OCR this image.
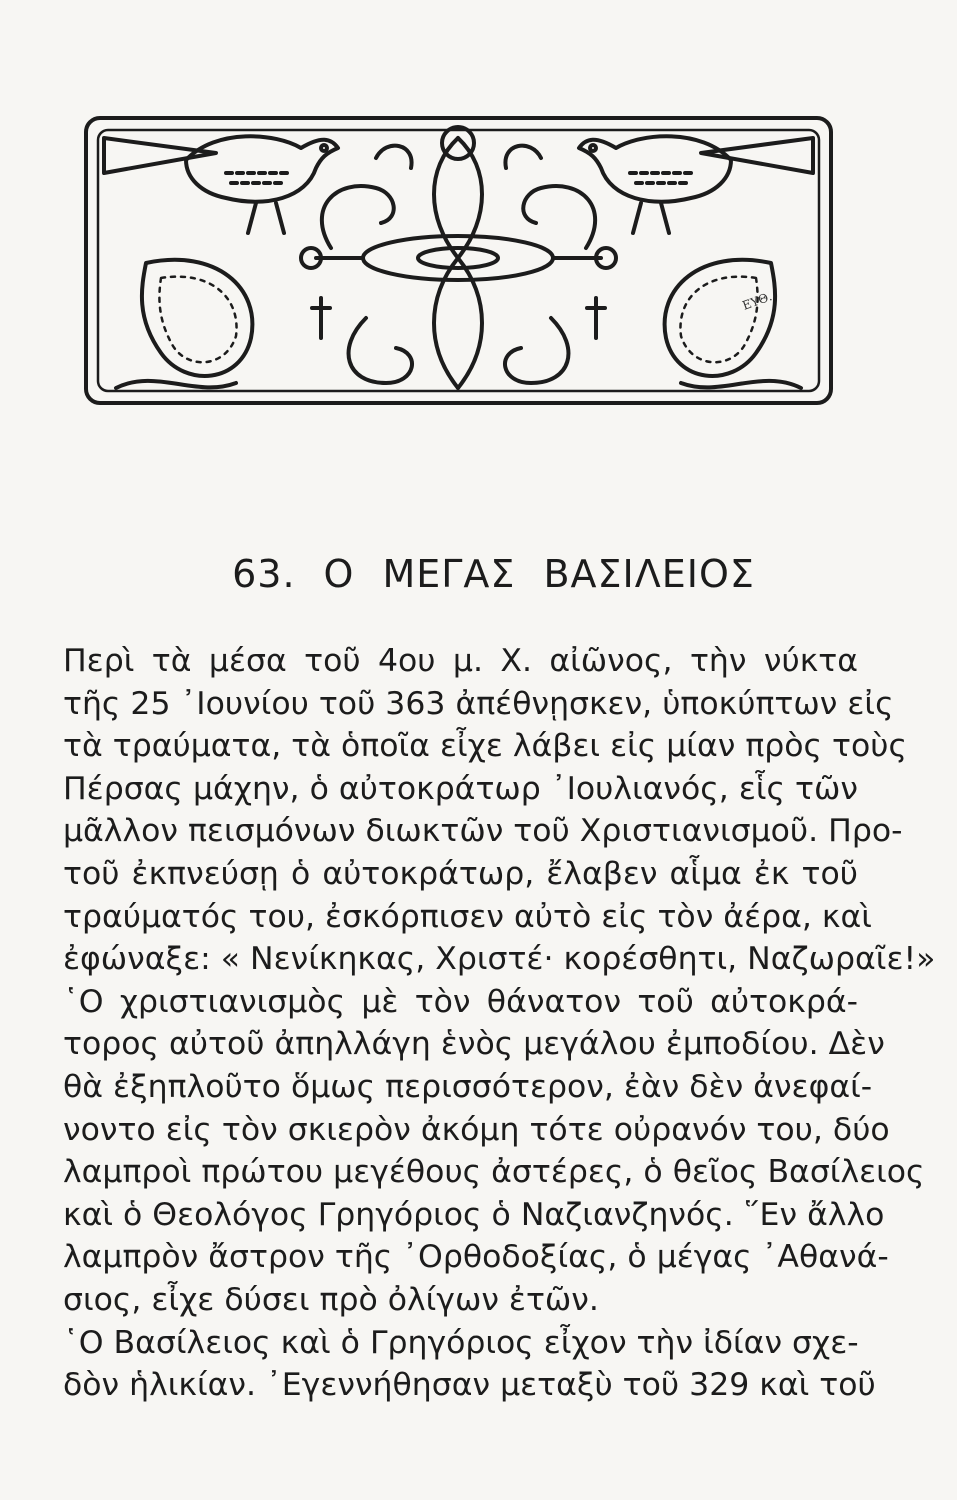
ΕΥΘ.
63. Ο ΜΕΓΑΣ ΒΑΣΙΛΕΙΟΣ
Περὶ τὰ μέσα τοῦ 4ου μ. Χ. αἰῶνος, τὴν νύκτα
τῆς 25 ᾿Ιουνίου τοῦ 363 ἀπέθνῃσκεν, ὑποκύπτων εἰς
τὰ τραύματα, τὰ ὁποῖα εἶχε λάβει εἰς μίαν πρὸς τοὺς
Πέρσας μάχην, ὁ αὐτοκράτωρ ᾿Ιουλιανός, εἷς τῶν
μᾶλλον πεισμόνων διωκτῶν τοῦ Χριστιανισμοῦ. Προ-
τοῦ ἐκπνεύσῃ ὁ αὐτοκράτωρ, ἔλαβεν αἷμα ἐκ τοῦ
τραύματός του, ἐσκόρπισεν αὐτὸ εἰς τὸν ἀέρα, καὶ
ἐφώναξε: « Νενίκηκας, Χριστέ· κορέσθητι, Ναζωραῖε!»
῾Ο χριστιανισμὸς μὲ τὸν θάνατον τοῦ αὐτοκρά-
τορος αὐτοῦ ἀπηλλάγη ἑνὸς μεγάλου ἐμποδίου. Δὲν
θὰ ἐξηπλοῦτο ὅμως περισσότερον, ἐὰν δὲν ἀνεφαί-
νοντο εἰς τὸν σκιερὸν ἀκόμη τότε οὐρανόν του, δύο
λαμπροὶ πρώτου μεγέθους ἀστέρες, ὁ θεῖος Βασίλειος
καὶ ὁ Θεολόγος Γρηγόριος ὁ Ναζιανζηνός. ῞Εν ἄλλο
λαμπρὸν ἄστρον τῆς ᾿Ορθοδοξίας, ὁ μέγας ᾿Αθανά-
σιος, εἶχε δύσει πρὸ ὀλίγων ἐτῶν.
῾Ο Βασίλειος καὶ ὁ Γρηγόριος εἶχον τὴν ἰδίαν σχε-
δὸν ἡλικίαν. ᾿Εγεννήθησαν μεταξὺ τοῦ 329 καὶ τοῦ
